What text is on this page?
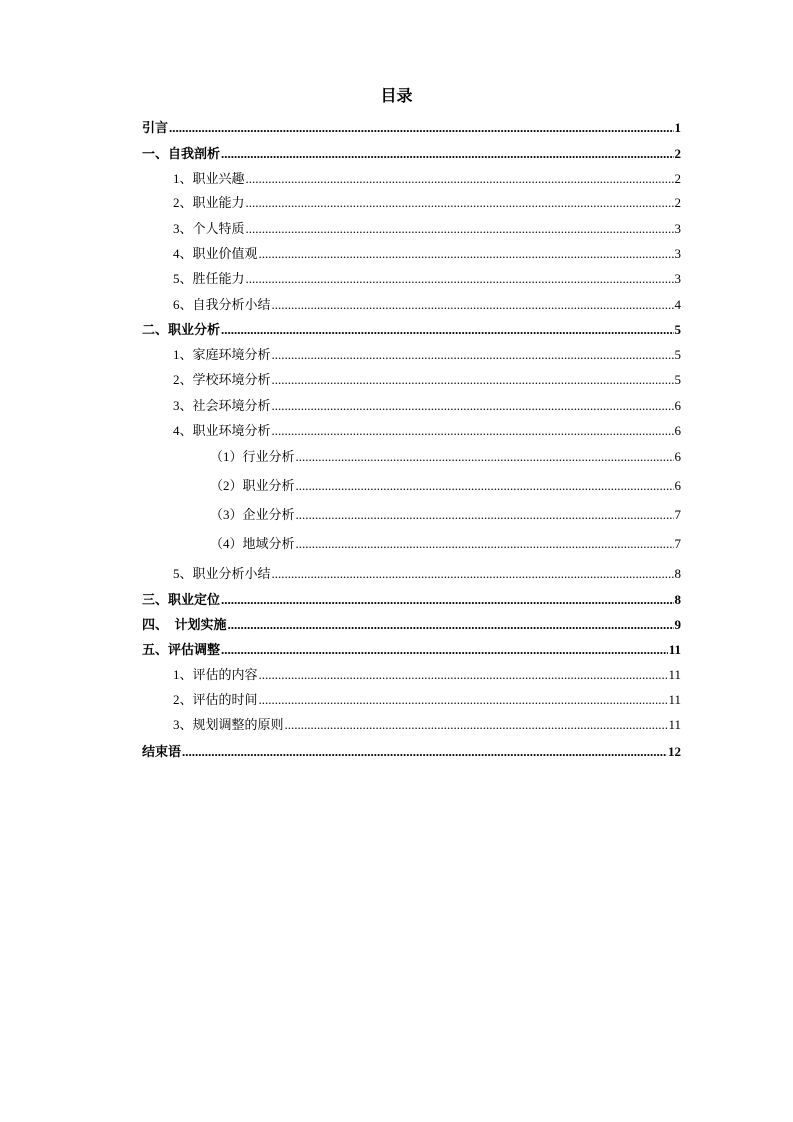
目录
引言 .....	1
一、自我剖析 .....	2
1、职业兴趣 .....	2
2、职业能力 .....	2
3、个人特质 .....	3
4、职业价值观 .....	3
5、胜任能力 .....	3
6、自我分析小结 .....	4
二、职业分析 .....	5
1、家庭环境分析 .....	5
2、学校环境分析 .....	5
3、社会环境分析 .....	6
4、职业环境分析 .....	6
（1）行业分析 .....	6
（2）职业分析 .....	6
（3）企业分析 .....	7
（4）地域分析 .....	7
5、职业分析小结 .....	8
三、职业定位 .....	8
四、  计划实施 .....	9
五、评估调整 .....	11
1、评估的内容 .....	11
2、评估的时间 .....	11
3、规划调整的原则 .....	11
结束语 .....	12
